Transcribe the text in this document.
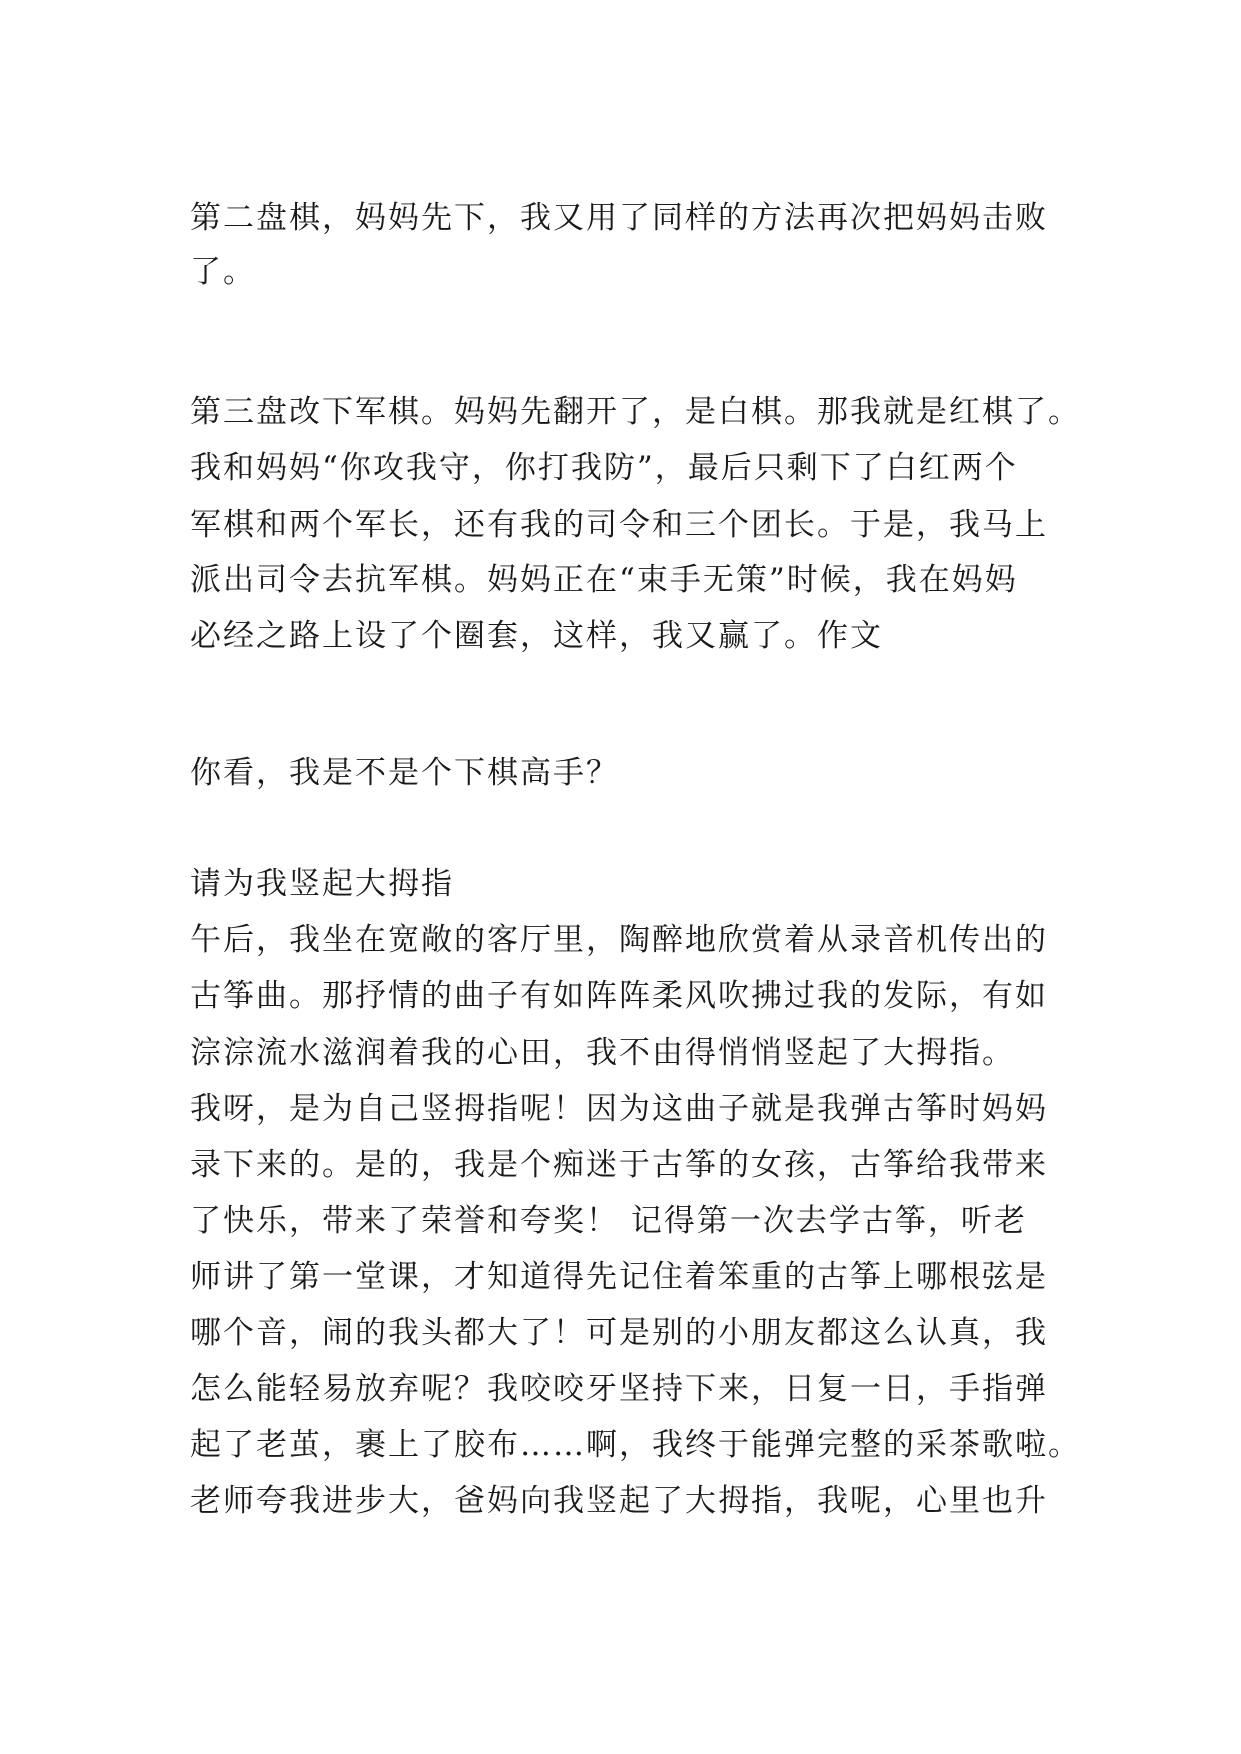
第二盘棋，妈妈先下，我又用了同样的方法再次把妈妈击败
了。
第三盘改下军棋。妈妈先翻开了，是白棋。那我就是红棋了。
我和妈妈“你攻我守，你打我防”，最后只剩下了白红两个
军棋和两个军长，还有我的司令和三个团长。于是，我马上
派出司令去抗军棋。妈妈正在“束手无策”时候，我在妈妈
必经之路上设了个圈套，这样，我又赢了。作文
你看，我是不是个下棋高手？
请为我竖起大拇指
午后，我坐在宽敞的客厅里，陶醉地欣赏着从录音机传出的
古筝曲。那抒情的曲子有如阵阵柔风吹拂过我的发际，有如
淙淙流水滋润着我的心田，我不由得悄悄竖起了大拇指。
我呀，是为自己竖拇指呢！因为这曲子就是我弹古筝时妈妈
录下来的。是的，我是个痴迷于古筝的女孩，古筝给我带来
了快乐，带来了荣誉和夸奖！ 记得第一次去学古筝，听老
师讲了第一堂课，才知道得先记住着笨重的古筝上哪根弦是
哪个音，闹的我头都大了！可是别的小朋友都这么认真，我
怎么能轻易放弃呢？我咬咬牙坚持下来，日复一日，手指弹
起了老茧，裹上了胶布……啊，我终于能弹完整的采茶歌啦。
老师夸我进步大，爸妈向我竖起了大拇指，我呢，心里也升
